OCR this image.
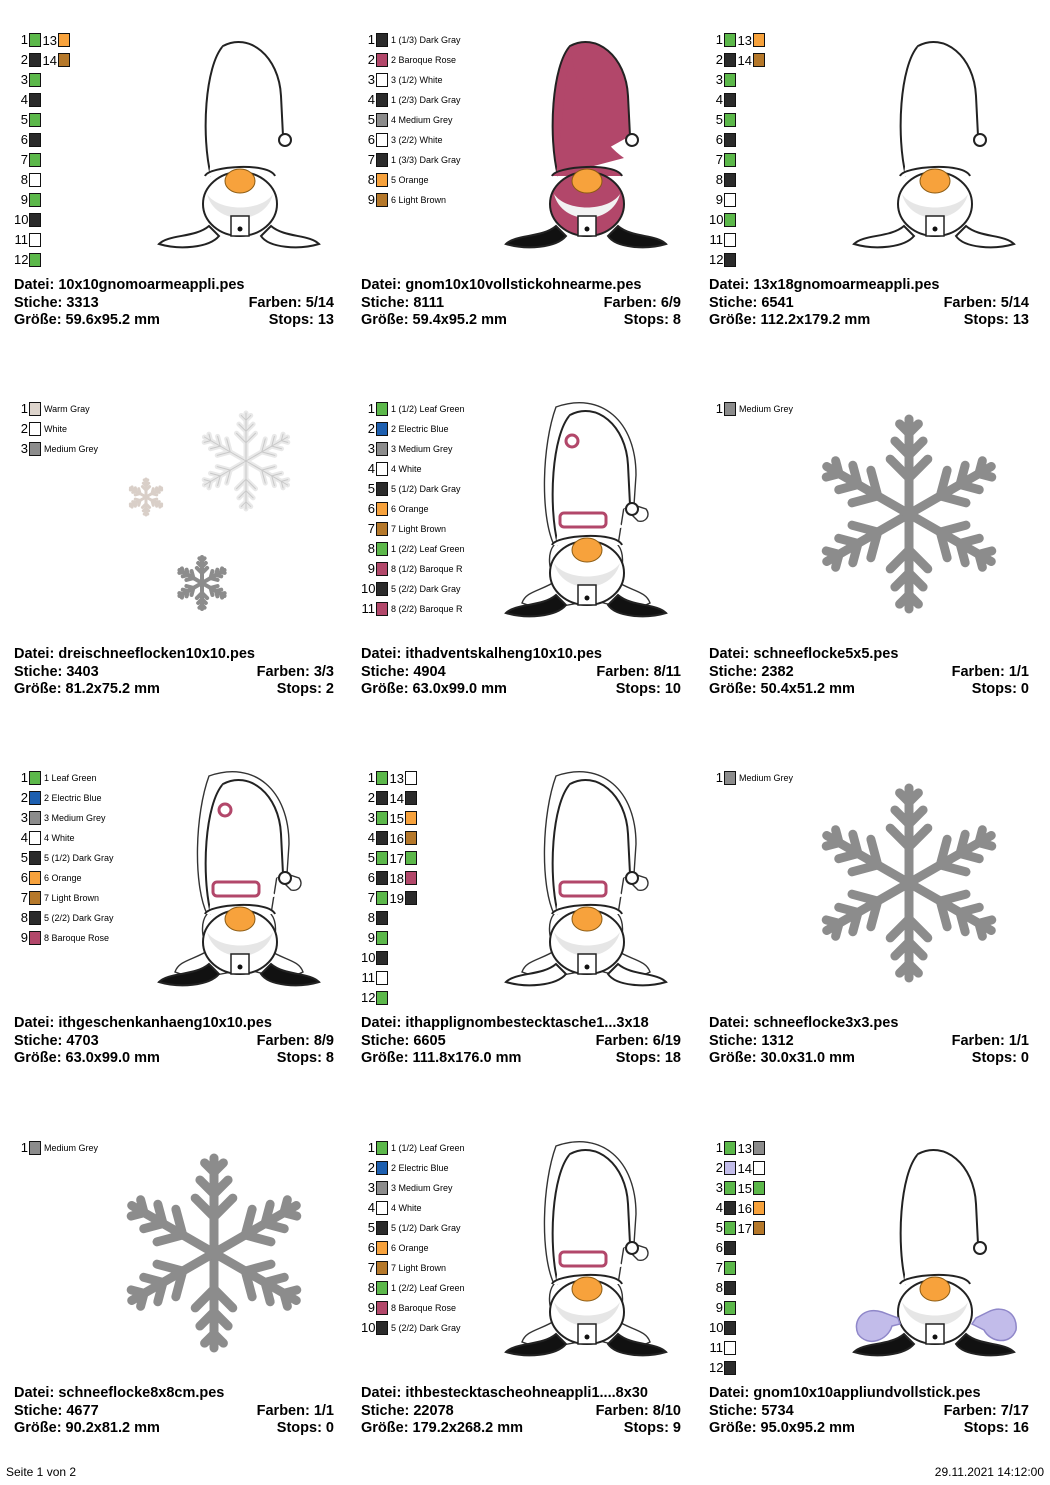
1 13
2 14
3
4
5
6
7
8
9
10
11
12
Datei: 10x10gnomoarmeappli.pes
Stiche: 3313	Farben: 5/14
Größe: 59.6x95.2 mm	Stops: 13
1 1 (1/3) Dark Gray
2 2 Baroque Rose
3 3 (1/2) White
4 1 (2/3) Dark Gray
5 4 Medium Grey
6 3 (2/2) White
7 1 (3/3) Dark Gray
8 5 Orange
9 6 Light Brown
Datei: gnom10x10vollstickohnearme.pes
Stiche: 8111	Farben: 6/9
Größe: 59.4x95.2 mm	Stops: 8
1 13
2 14
3
4
5
6
7
8
9
10
11
12
Datei: 13x18gnomoarmeappli.pes
Stiche: 6541	Farben: 5/14
Größe: 112.2x179.2 mm	Stops: 13
1 Warm Gray
2 White
3 Medium Grey
Datei: dreischneeflocken10x10.pes
Stiche: 3403	Farben: 3/3
Größe: 81.2x75.2 mm	Stops: 2
1 1 (1/2) Leaf Green
2 2 Electric Blue
3 3 Medium Grey
4 4 White
5 5 (1/2) Dark Gray
6 6 Orange
7 7 Light Brown
8 1 (2/2) Leaf Green
9 8 (1/2) Baroque R
10 5 (2/2) Dark Gray
11 8 (2/2) Baroque R
Datei: ithadventskalheng10x10.pes
Stiche: 4904	Farben: 8/11
Größe: 63.0x99.0 mm	Stops: 10
1 Medium Grey
Datei: schneeflocke5x5.pes
Stiche: 2382	Farben: 1/1
Größe: 50.4x51.2 mm	Stops: 0
1 1 Leaf Green
2 2 Electric Blue
3 3 Medium Grey
4 4 White
5 5 (1/2) Dark Gray
6 6 Orange
7 7 Light Brown
8 5 (2/2) Dark Gray
9 8 Baroque Rose
Datei: ithgeschenkanhaeng10x10.pes
Stiche: 4703	Farben: 8/9
Größe: 63.0x99.0 mm	Stops: 8
1 13
2 14
3 15
4 16
5 17
6 18
7 19
8
9
10
11
12
Datei: ithapplignombestecktasche1...3x18
Stiche: 6605	Farben: 6/19
Größe: 111.8x176.0 mm	Stops: 18
1 Medium Grey
Datei: schneeflocke3x3.pes
Stiche: 1312	Farben: 1/1
Größe: 30.0x31.0 mm	Stops: 0
1 Medium Grey
Datei: schneeflocke8x8cm.pes
Stiche: 4677	Farben: 1/1
Größe: 90.2x81.2 mm	Stops: 0
1 1 (1/2) Leaf Green
2 2 Electric Blue
3 3 Medium Grey
4 4 White
5 5 (1/2) Dark Gray
6 6 Orange
7 7 Light Brown
8 1 (2/2) Leaf Green
9 8 Baroque Rose
10 5 (2/2) Dark Gray
Datei: ithbestecktascheohneappli1....8x30
Stiche: 22078	Farben: 8/10
Größe: 179.2x268.2 mm	Stops: 9
1 13
2 14
3 15
4 16
5 17
6
7
8
9
10
11
12
Datei: gnom10x10appliundvollstick.pes
Stiche: 5734	Farben: 7/17
Größe: 95.0x95.2 mm	Stops: 16
Seite 1 von 2	29.11.2021 14:12:00
